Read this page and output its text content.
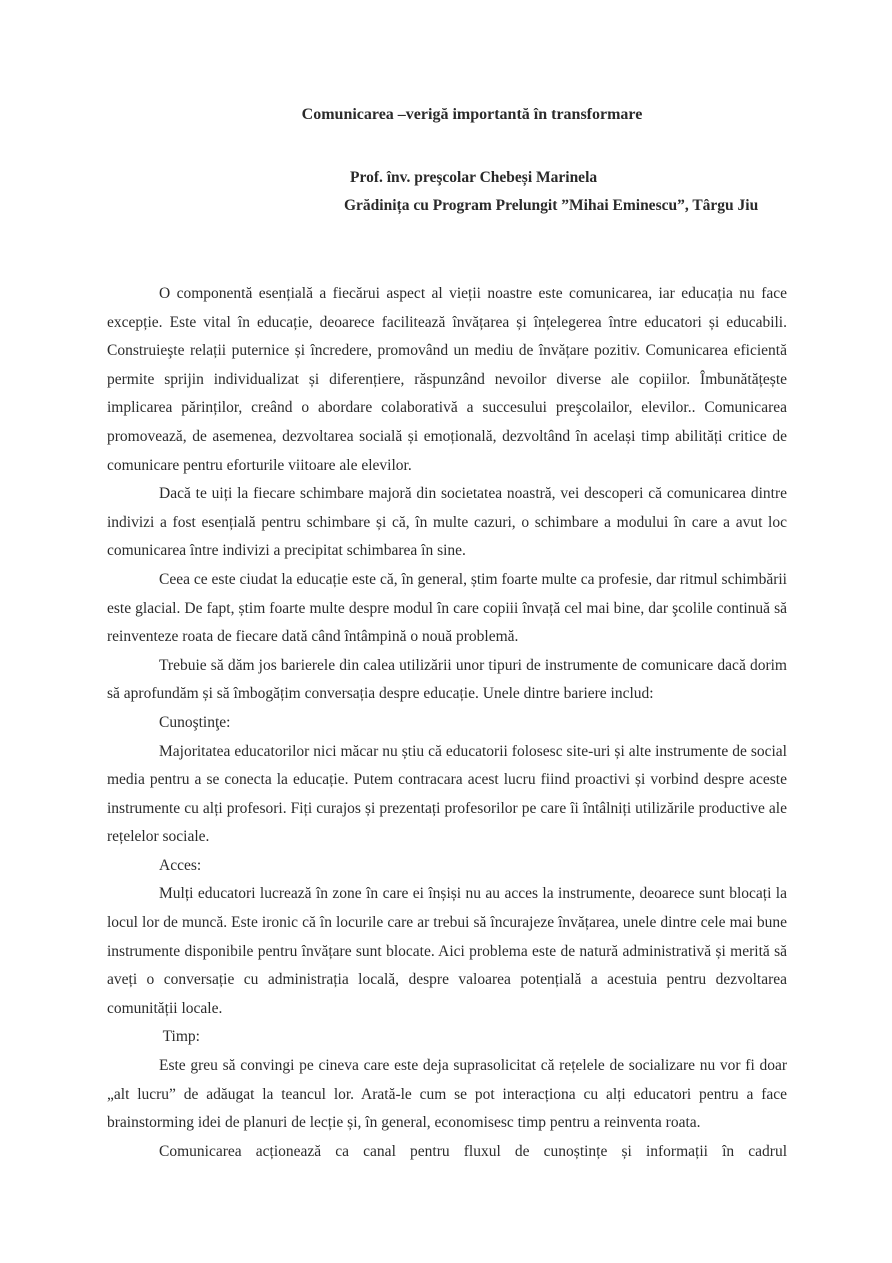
Comunicarea –verigă importantă în transformare
Prof. înv. preşcolar Chebeși Marinela
Grădinița cu Program Prelungit ”Mihai Eminescu”, Târgu Jiu

O componentă esențială a fiecărui aspect al vieții noastre este comunicarea, iar educația nu face excepție. Este vital în educație, deoarece facilitează învățarea și înțelegerea între educatori și educabili. Construieşte relații puternice și încredere, promovând un mediu de învățare pozitiv. Comunicarea eficientă permite sprijin individualizat și diferențiere, răspunzând nevoilor diverse ale copiilor. Îmbunătățește implicarea părinților, creând o abordare colaborativă a succesului preşcolailor, elevilor.. Comunicarea promovează, de asemenea, dezvoltarea socială și emoțională, dezvoltând în același timp abilități critice de comunicare pentru eforturile viitoare ale elevilor.

Dacă te uiți la fiecare schimbare majoră din societatea noastră, vei descoperi că comunicarea dintre indivizi a fost esențială pentru schimbare și că, în multe cazuri, o schimbare a modului în care a avut loc comunicarea între indivizi a precipitat schimbarea în sine.

Ceea ce este ciudat la educație este că, în general, știm foarte multe ca profesie, dar ritmul schimbării este glacial. De fapt, știm foarte multe despre modul în care copiii învață cel mai bine, dar şcolile continuă să reinventeze roata de fiecare dată când întâmpină o nouă problemă.

Trebuie să dăm jos barierele din calea utilizării unor tipuri de instrumente de comunicare dacă dorim să aprofundăm și să îmbogățim conversația despre educație. Unele dintre bariere includ:

Cunoştinţe:

Majoritatea educatorilor nici măcar nu știu că educatorii folosesc site-uri și alte instrumente de social media pentru a se conecta la educație. Putem contracara acest lucru fiind proactivi și vorbind despre aceste instrumente cu alți profesori. Fiți curajos și prezentați profesorilor pe care îi întâlniți utilizările productive ale rețelelor sociale.

Acces:

Mulți educatori lucrează în zone în care ei înșiși nu au acces la instrumente, deoarece sunt blocați la locul lor de muncă. Este ironic că în locurile care ar trebui să încurajeze învățarea, unele dintre cele mai bune instrumente disponibile pentru învățare sunt blocate. Aici problema este de natură administrativă și merită să aveți o conversație cu administrația locală, despre valoarea potențială a acestuia pentru dezvoltarea comunității locale.

Timp:

Este greu să convingi pe cineva care este deja suprasolicitat că rețelele de socializare nu vor fi doar „alt lucru” de adăugat la teancul lor. Arată-le cum se pot interacționa cu alți educatori pentru a face brainstorming idei de planuri de lecție și, în general, economisesc timp pentru a reinventa roata.

Comunicarea acționează ca canal pentru fluxul de cunoștințe și informații în cadrul
